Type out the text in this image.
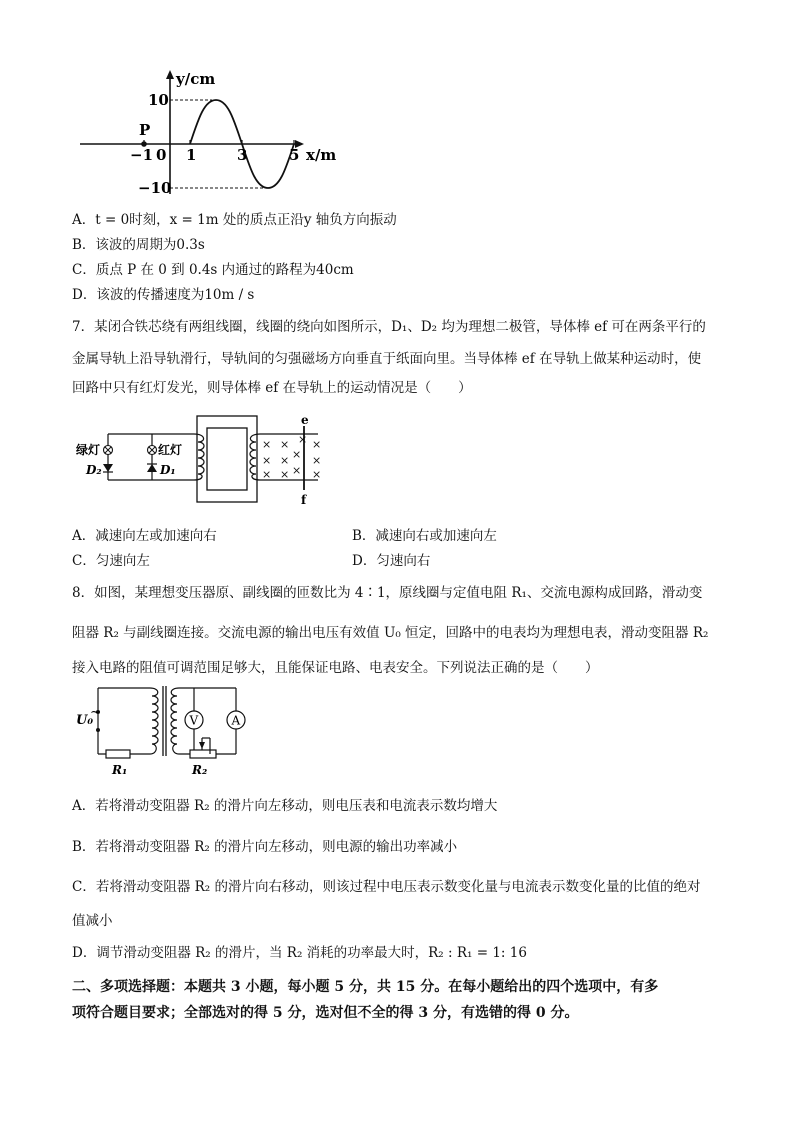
y/cm
x/m
10
−10
P
−1 0 1	3	5
A．t = 0时刻，x = 1m 处的质点正沿y 轴负方向振动
B．该波的周期为0.3s
C．质点 P 在 0 到 0.4s 内通过的路程为40cm
D．该波的传播速度为10m / s
7．某闭合铁芯绕有两组线圈，线圈的绕向如图所示，D₁、D₂ 均为理想二极管，导体棒 ef 可在两条平行的
金属导轨上沿导轨滑行，导轨间的匀强磁场方向垂直于纸面向里。当导体棒 ef 在导轨上做某种运动时，使
回路中只有红灯发光，则导体棒 ef 在导轨上的运动情况是（　　）
× × × ×
× × × ×
× × × ×
绿灯
D₂
红灯
D₁
e
f
A．减速向左或加速向右	B．减速向右或加速向左
C．匀速向左	D．匀速向右
8．如图，某理想变压器原、副线圈的匝数比为 4∶1，原线圈与定值电阻 R₁、交流电源构成回路，滑动变
阻器 R₂ 与副线圈连接。交流电源的输出电压有效值 U₀ 恒定，回路中的电表均为理想电表，滑动变阻器 R₂
接入电路的阻值可调范围足够大，且能保证电路、电表安全。下列说法正确的是（　　）
V	A
U₀
~
R₁	R₂
A．若将滑动变阻器 R₂ 的滑片向左移动，则电压表和电流表示数均增大
B．若将滑动变阻器 R₂ 的滑片向左移动，则电源的输出功率减小
C．若将滑动变阻器 R₂ 的滑片向右移动，则该过程中电压表示数变化量与电流表示数变化量的比值的绝对
值减小
D．调节滑动变阻器 R₂ 的滑片，当 R₂ 消耗的功率最大时，R₂ : R₁ = 1: 16
二、多项选择题：本题共 3 小题，每小题 5 分，共 15 分。在每小题给出的四个选项中，有多
项符合题目要求；全部选对的得 5 分，选对但不全的得 3 分，有选错的得 0 分。
